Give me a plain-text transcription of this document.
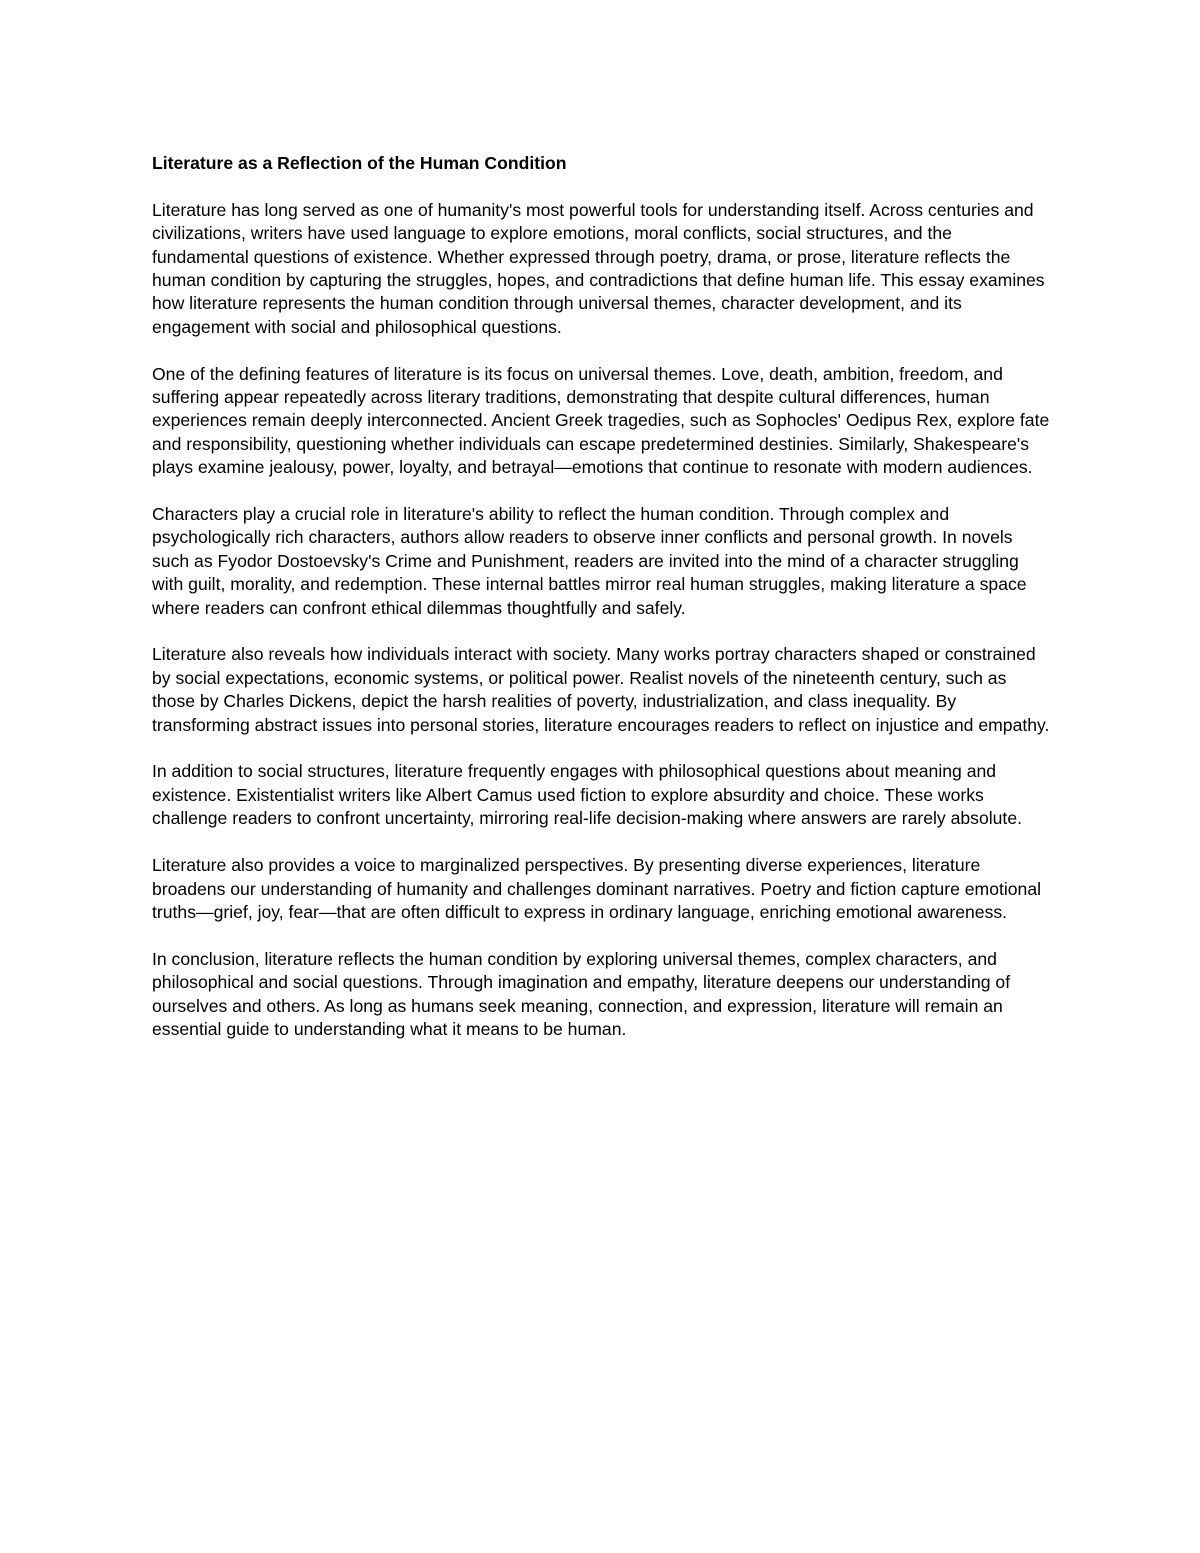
Literature as a Reflection of the Human Condition

Literature has long served as one of humanity's most powerful tools for understanding itself. Across centuries and civilizations, writers have used language to explore emotions, moral conflicts, social structures, and the fundamental questions of existence. Whether expressed through poetry, drama, or prose, literature reflects the human condition by capturing the struggles, hopes, and contradictions that define human life. This essay examines how literature represents the human condition through universal themes, character development, and its engagement with social and philosophical questions.

One of the defining features of literature is its focus on universal themes. Love, death, ambition, freedom, and suffering appear repeatedly across literary traditions, demonstrating that despite cultural differences, human experiences remain deeply interconnected. Ancient Greek tragedies, such as Sophocles' Oedipus Rex, explore fate and responsibility, questioning whether individuals can escape predetermined destinies. Similarly, Shakespeare's plays examine jealousy, power, loyalty, and betrayal—emotions that continue to resonate with modern audiences.

Characters play a crucial role in literature's ability to reflect the human condition. Through complex and psychologically rich characters, authors allow readers to observe inner conflicts and personal growth. In novels such as Fyodor Dostoevsky's Crime and Punishment, readers are invited into the mind of a character struggling with guilt, morality, and redemption. These internal battles mirror real human struggles, making literature a space where readers can confront ethical dilemmas thoughtfully and safely.

Literature also reveals how individuals interact with society. Many works portray characters shaped or constrained by social expectations, economic systems, or political power. Realist novels of the nineteenth century, such as those by Charles Dickens, depict the harsh realities of poverty, industrialization, and class inequality. By transforming abstract issues into personal stories, literature encourages readers to reflect on injustice and empathy.

In addition to social structures, literature frequently engages with philosophical questions about meaning and existence. Existentialist writers like Albert Camus used fiction to explore absurdity and choice. These works challenge readers to confront uncertainty, mirroring real-life decision-making where answers are rarely absolute.

Literature also provides a voice to marginalized perspectives. By presenting diverse experiences, literature broadens our understanding of humanity and challenges dominant narratives. Poetry and fiction capture emotional truths—grief, joy, fear—that are often difficult to express in ordinary language, enriching emotional awareness.

In conclusion, literature reflects the human condition by exploring universal themes, complex characters, and philosophical and social questions. Through imagination and empathy, literature deepens our understanding of ourselves and others. As long as humans seek meaning, connection, and expression, literature will remain an essential guide to understanding what it means to be human.
